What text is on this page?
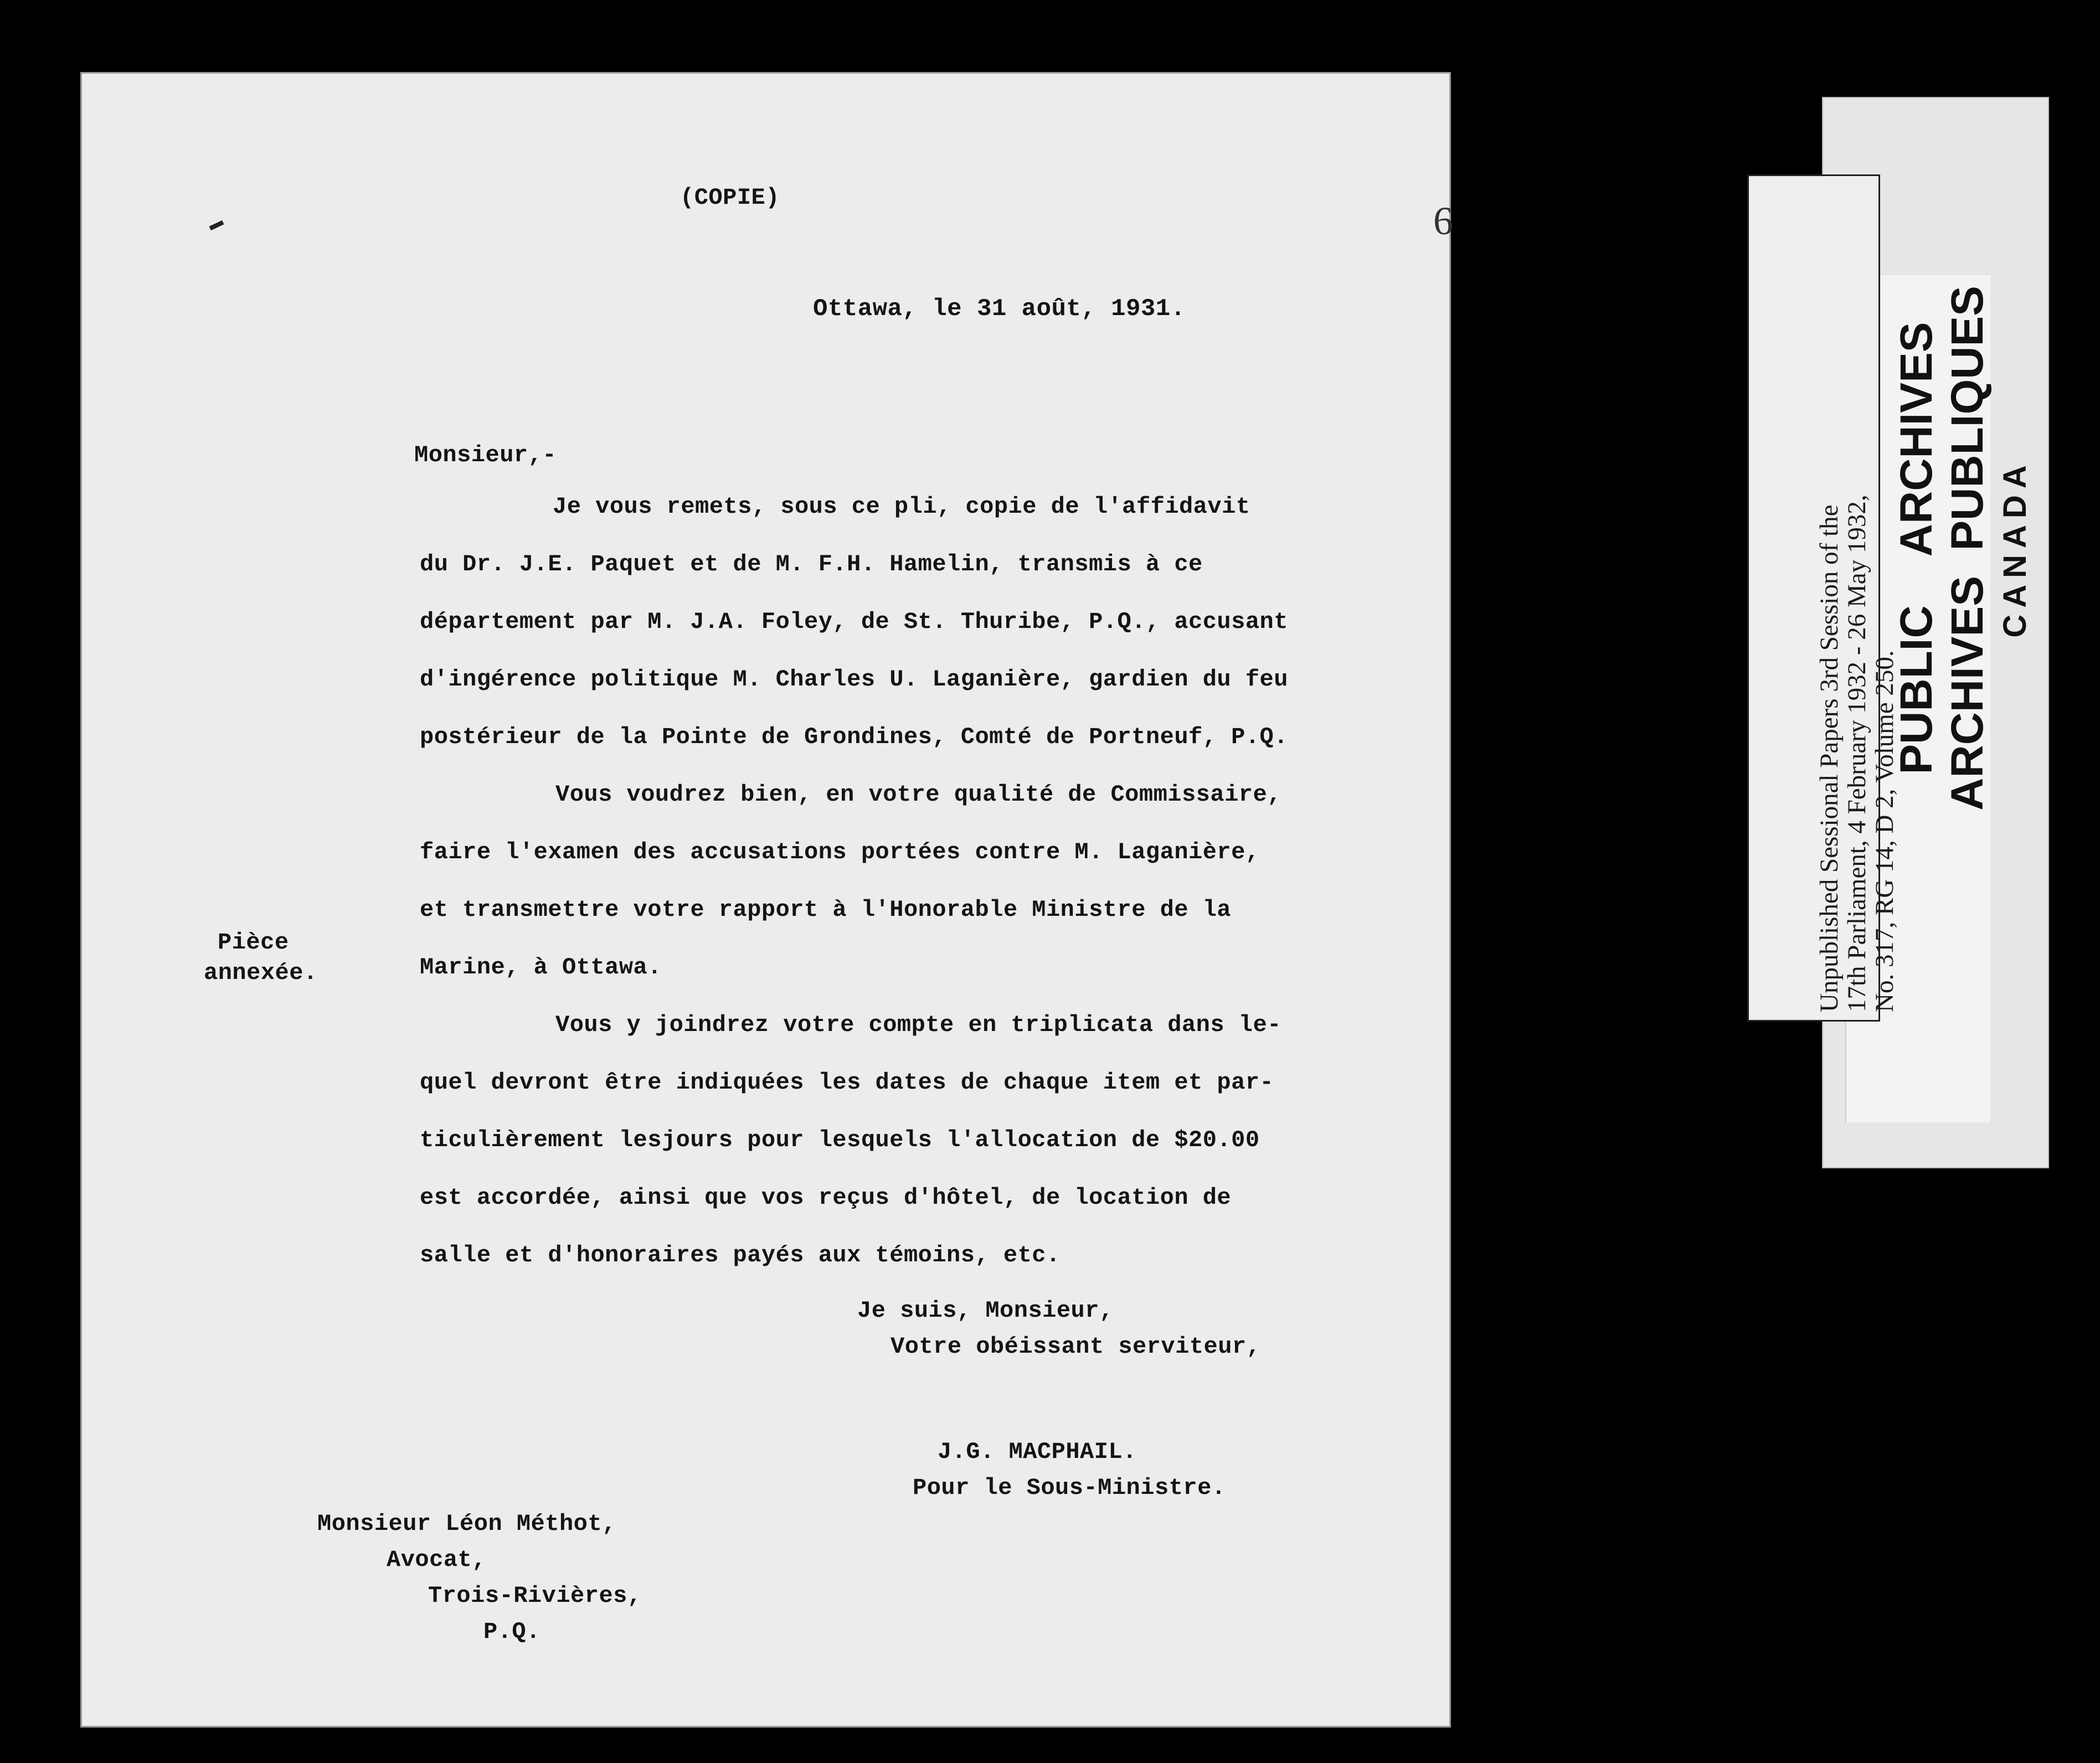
6
(COPIE)
Ottawa, le 31 août, 1931.
Monsieur,-
Je vous remets, sous ce pli, copie de l'affidavit
du Dr. J.E. Paquet et de M. F.H. Hamelin, transmis à ce
département par M. J.A. Foley, de St. Thuribe, P.Q., accusant
d'ingérence politique M. Charles U. Laganière, gardien du feu
postérieur de la Pointe de Grondines, Comté de Portneuf, P.Q.
Vous voudrez bien, en votre qualité de Commissaire,
faire l'examen des accusations portées contre M. Laganière,
et transmettre votre rapport à l'Honorable Ministre de la
Marine, à Ottawa.
Vous y joindrez votre compte en triplicata dans le-
quel devront être indiquées les dates de chaque item et par-
ticulièrement lesjours pour lesquels l'allocation de $20.00
est accordée, ainsi que vos reçus d'hôtel, de location de
salle et d'honoraires payés aux témoins, etc.
Pièce
annexée.
Je suis, Monsieur,
Votre obéissant serviteur,
J.G. MACPHAIL.
Pour le Sous-Ministre.
Monsieur Léon Méthot,
Avocat,
Trois-Rivières,
P.Q.
Unpublished Sessional Papers 3rd Session of the
17th Parliament, 4 February 1932 - 26 May 1932,
No. 317, RG 14, D 2, Volume 250.
PUBLIC    ARCHIVES ARCHIVES  PUBLIQUES CANADA
